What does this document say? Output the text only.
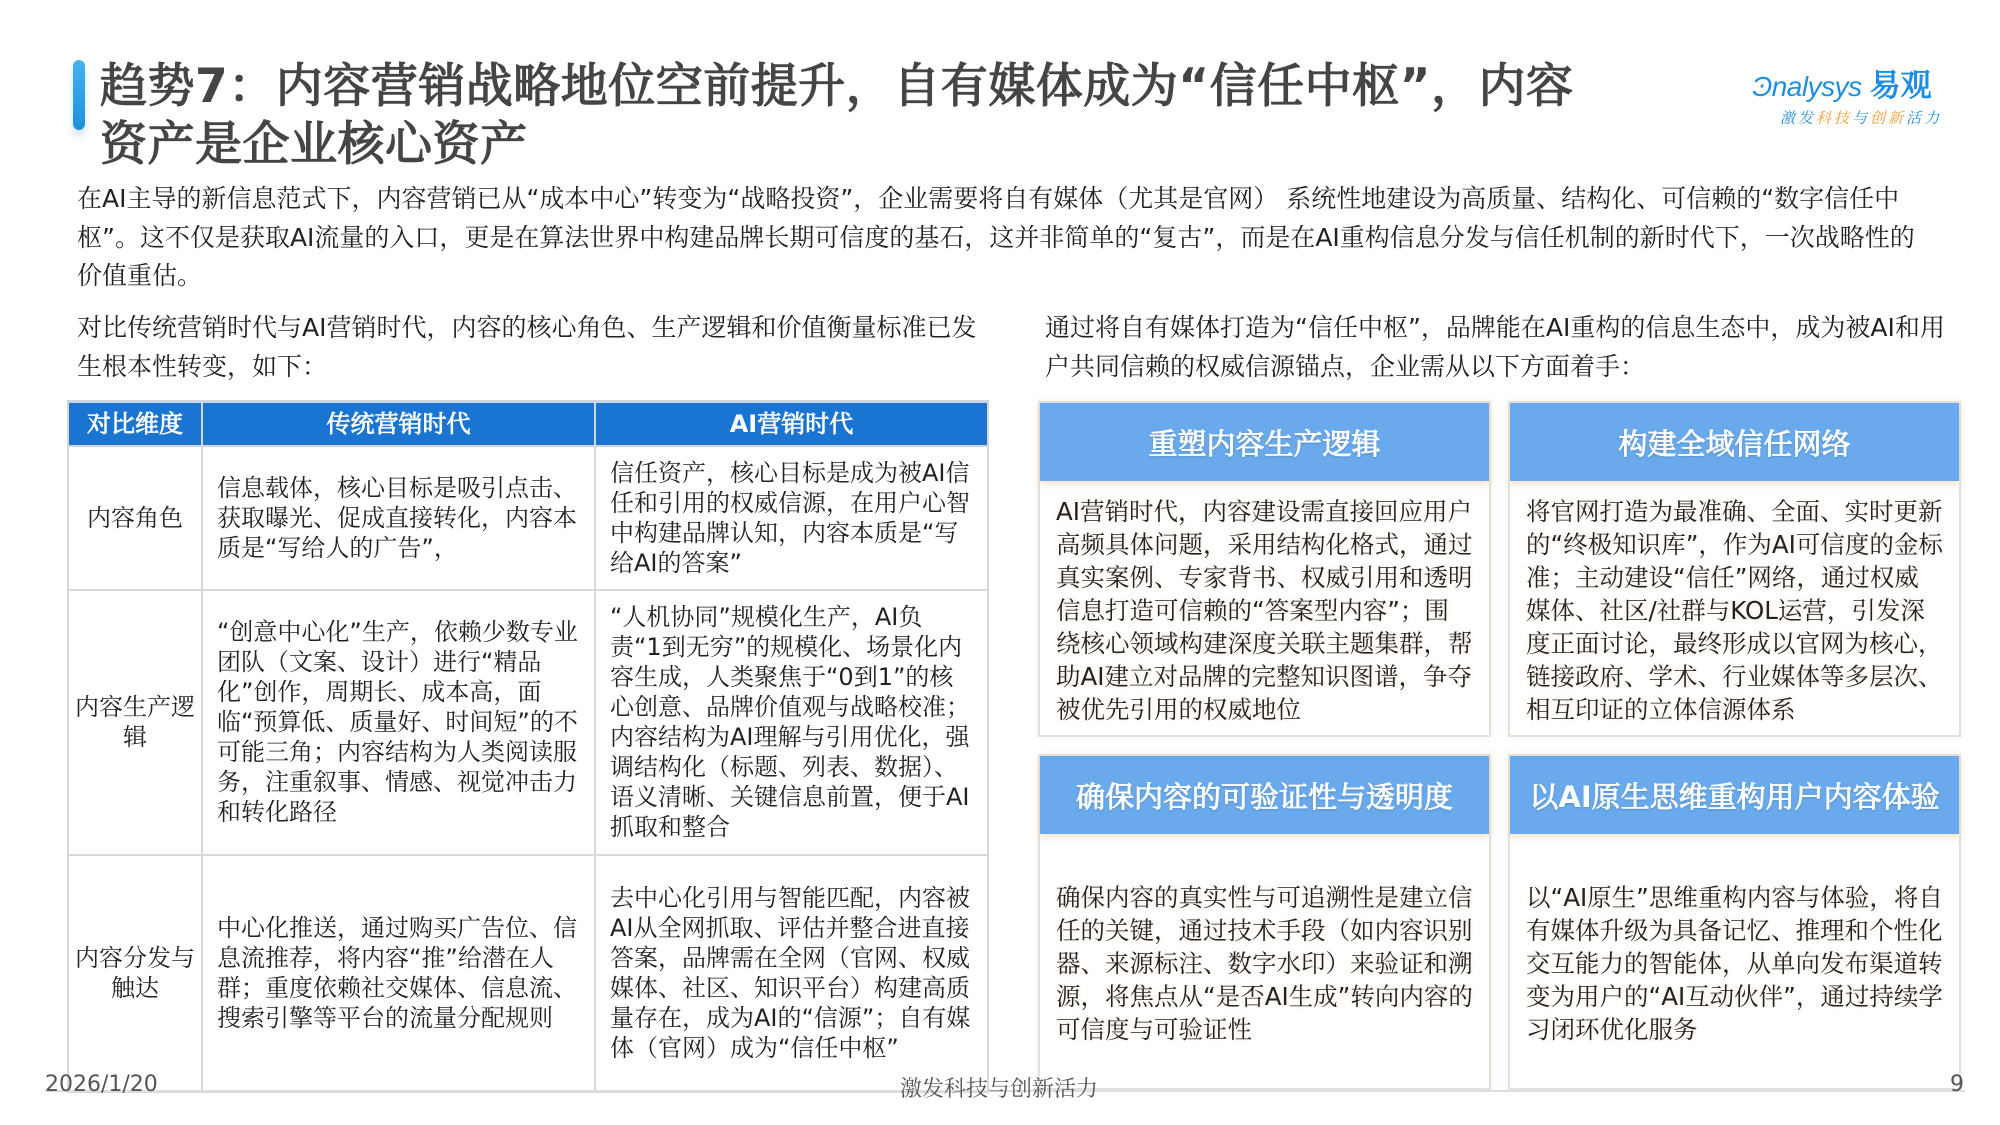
趋势7：内容营销战略地位空前提升，自有媒体成为“信任中枢”，内容
资产是企业核心资产
Ͽnalysys 易观
激发科技与创新活力

在AI主导的新信息范式下，内容营销已从“成本中心”转变为“战略投资”，企业需要将自有媒体（尤其是官网） 系统性地建设为高质量、结构化、可信赖的“数字信任中枢”。这不仅是获取AI流量的入口，更是在算法世界中构建品牌长期可信度的基石，这并非简单的“复古”，而是在AI重构信息分发与信任机制的新时代下，一次战略性的价值重估。

对比传统营销时代与AI营销时代，内容的核心角色、生产逻辑和价值衡量标准已发生根本性转变，如下：

对比维度	传统营销时代	AI营销时代
内容角色	信息载体，核心目标是吸引点击、获取曝光、促成直接转化，内容本质是“写给人的广告”，	信任资产，核心目标是成为被AI信任和引用的权威信源，在用户心智中构建品牌认知，内容本质是“写给AI的答案”
内容生产逻辑	“创意中心化”生产，依赖少数专业团队（文案、设计）进行“精品化”创作，周期长、成本高，面临“预算低、质量好、时间短”的不可能三角；内容结构为人类阅读服务，注重叙事、情感、视觉冲击力和转化路径	“人机协同”规模化生产，AI负责“1到无穷”的规模化、场景化内容生成，人类聚焦于“0到1”的核心创意、品牌价值观与战略校准；内容结构为AI理解与引用优化，强调结构化（标题、列表、数据）、语义清晰、关键信息前置，便于AI抓取和整合
内容分发与触达	中心化推送，通过购买广告位、信息流推荐，将内容“推”给潜在人群；重度依赖社交媒体、信息流、搜索引擎等平台的流量分配规则	去中心化引用与智能匹配，内容被AI从全网抓取、评估并整合进直接答案，品牌需在全网（官网、权威媒体、社区、知识平台）构建高质量存在，成为AI的“信源”；自有媒体（官网）成为“信任中枢”

通过将自有媒体打造为“信任中枢”，品牌能在AI重构的信息生态中，成为被AI和用户共同信赖的权威信源锚点，企业需从以下方面着手：

重塑内容生产逻辑
AI营销时代，内容建设需直接回应用户高频具体问题，采用结构化格式，通过真实案例、专家背书、权威引用和透明信息打造可信赖的“答案型内容”；围绕核心领域构建深度关联主题集群，帮助AI建立对品牌的完整知识图谱，争夺被优先引用的权威地位
构建全域信任网络
将官网打造为最准确、全面、实时更新的“终极知识库”，作为AI可信度的金标准；主动建设“信任”网络，通过权威媒体、社区/社群与KOL运营，引发深度正面讨论，最终形成以官网为核心，链接政府、学术、行业媒体等多层次、相互印证的立体信源体系
确保内容的可验证性与透明度
确保内容的真实性与可追溯性是建立信任的关键，通过技术手段（如内容识别器、来源标注、数字水印）来验证和溯源，将焦点从“是否AI生成”转向内容的可信度与可验证性
以AI原生思维重构用户内容体验
以“AI原生”思维重构内容与体验，将自有媒体升级为具备记忆、推理和个性化交互能力的智能体，从单向发布渠道转变为用户的“AI互动伙伴”，通过持续学习闭环优化服务
2026/1/20	激发科技与创新活力	9
